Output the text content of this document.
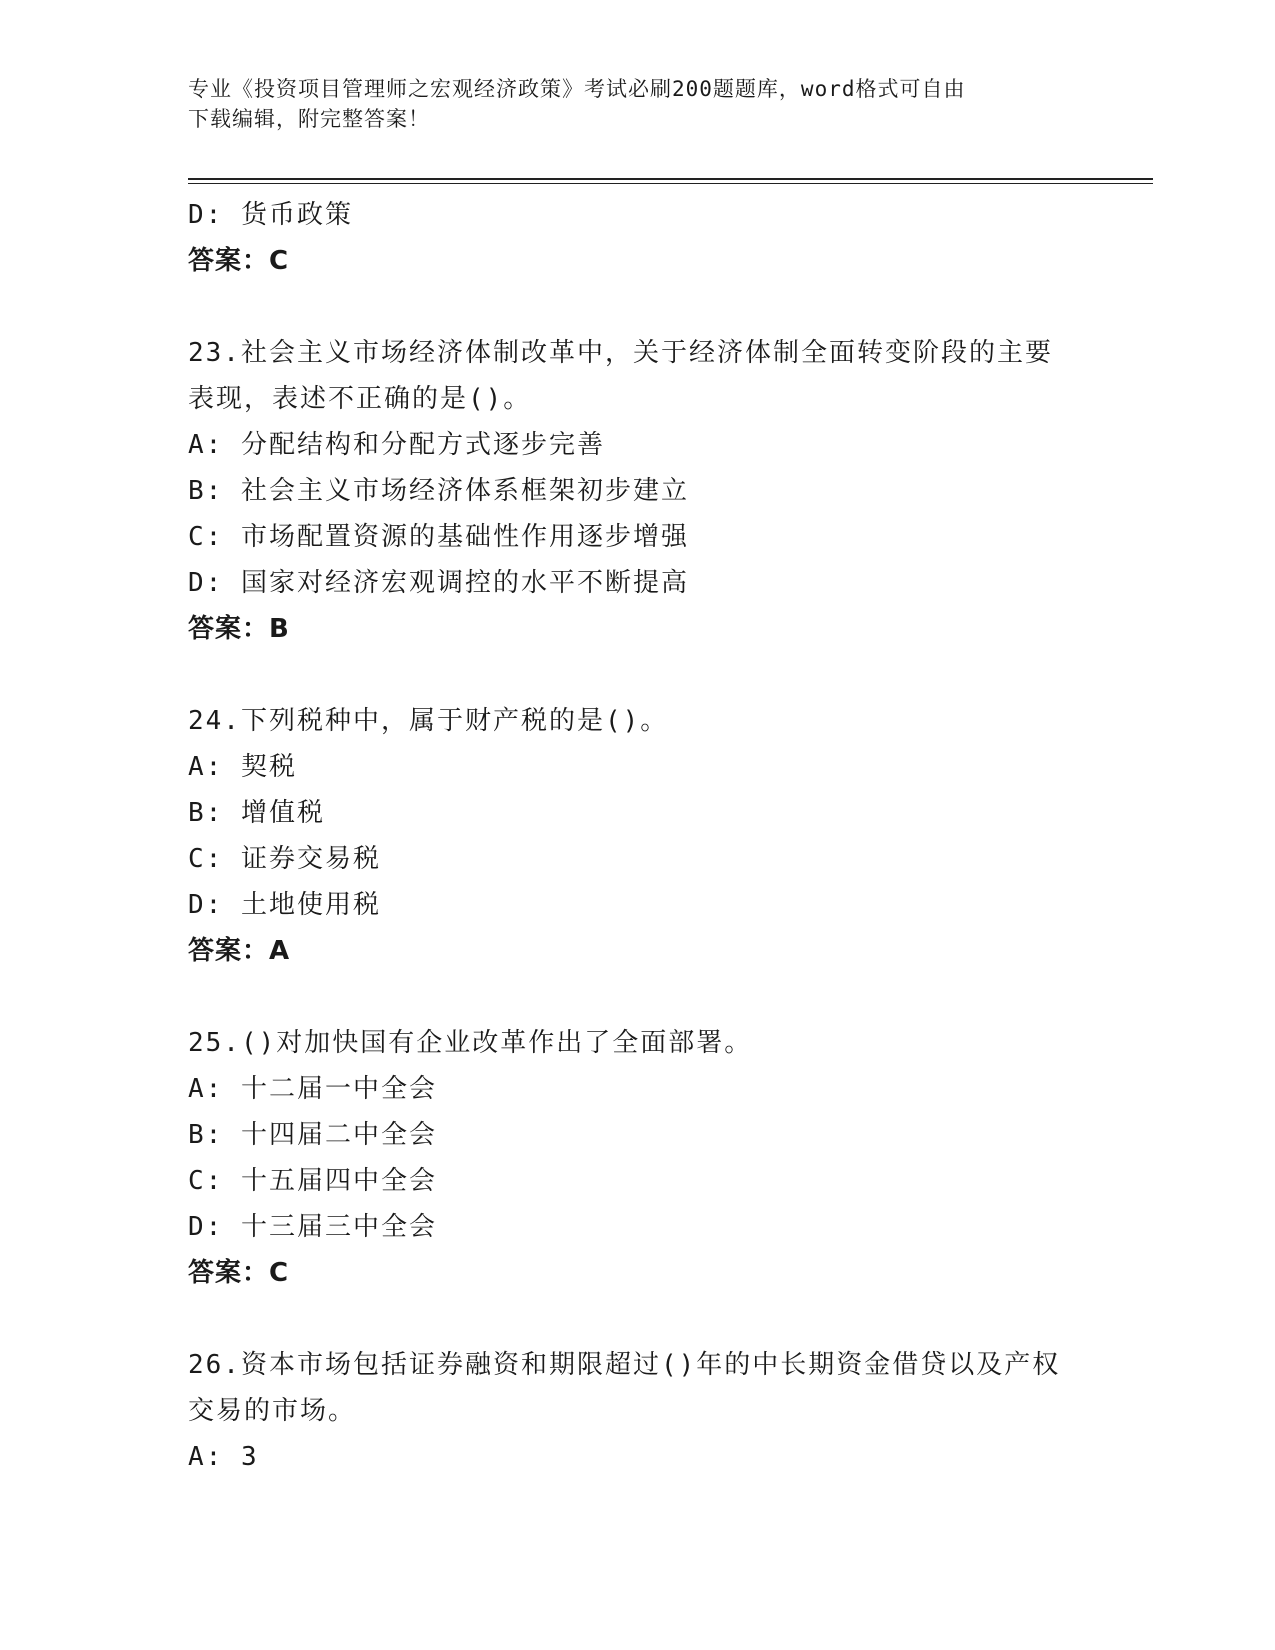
专业《投资项目管理师之宏观经济政策》考试必刷200题题库，word格式可自由
下载编辑，附完整答案！
D: 货币政策
答案：C
23.社会主义市场经济体制改革中，关于经济体制全面转变阶段的主要
表现，表述不正确的是()。
A: 分配结构和分配方式逐步完善
B: 社会主义市场经济体系框架初步建立
C: 市场配置资源的基础性作用逐步增强
D: 国家对经济宏观调控的水平不断提高
答案：B
24.下列税种中，属于财产税的是()。
A: 契税
B: 增值税
C: 证券交易税
D: 土地使用税
答案：A
25.()对加快国有企业改革作出了全面部署。
A: 十二届一中全会
B: 十四届二中全会
C: 十五届四中全会
D: 十三届三中全会
答案：C
26.资本市场包括证券融资和期限超过()年的中长期资金借贷以及产权
交易的市场。
A: 3
